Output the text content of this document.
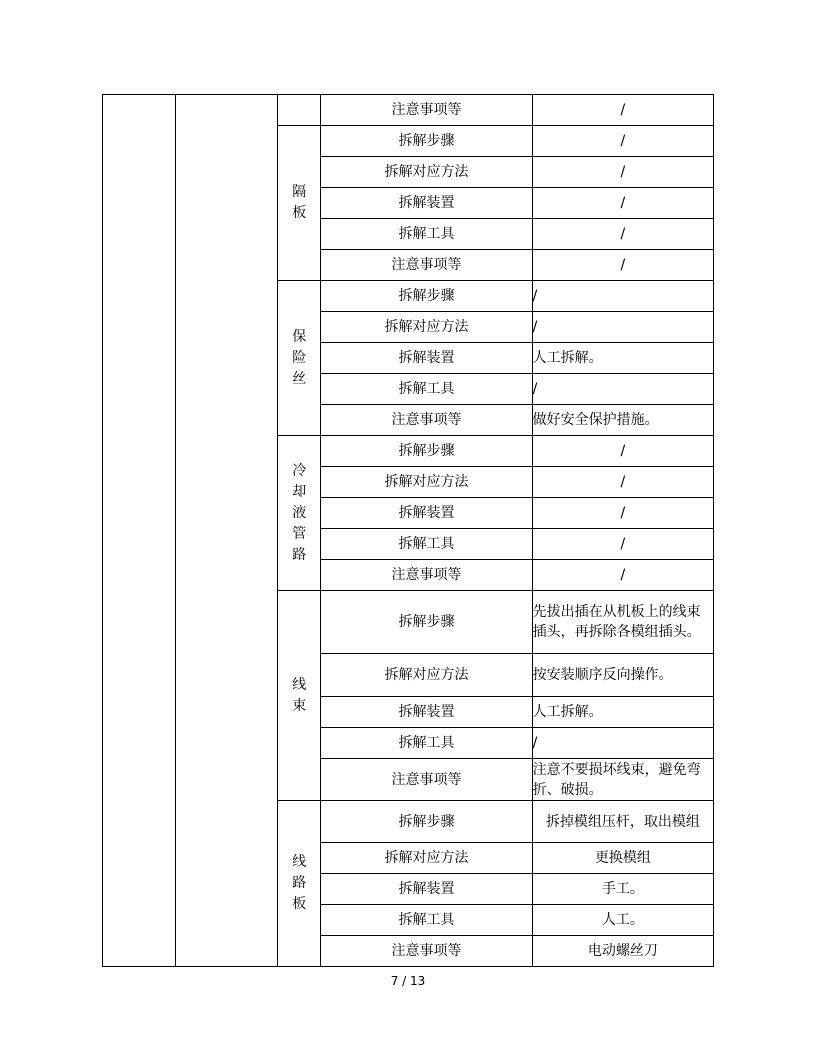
			注意事项等	/
		隔板	拆解步骤	/
			拆解对应方法	/
			拆解装置	/
			拆解工具	/
			注意事项等	/
		保险丝	拆解步骤	/
			拆解对应方法	/
			拆解装置	人工拆解。
			拆解工具	/
			注意事项等	做好安全保护措施。
		冷却液管路	拆解步骤	/
			拆解对应方法	/
			拆解装置	/
			拆解工具	/
			注意事项等	/
		线束	拆解步骤	先拔出插在从机板上的线束插头，再拆除各模组插头。
			拆解对应方法	按安装顺序反向操作。
			拆解装置	人工拆解。
			拆解工具	/
			注意事项等	注意不要损坏线束，避免弯折、破损。
		线路板	拆解步骤	拆掉模组压杆，取出模组
			拆解对应方法	更换模组
			拆解装置	手工。
			拆解工具	人工。
			注意事项等	电动螺丝刀
7 / 13
